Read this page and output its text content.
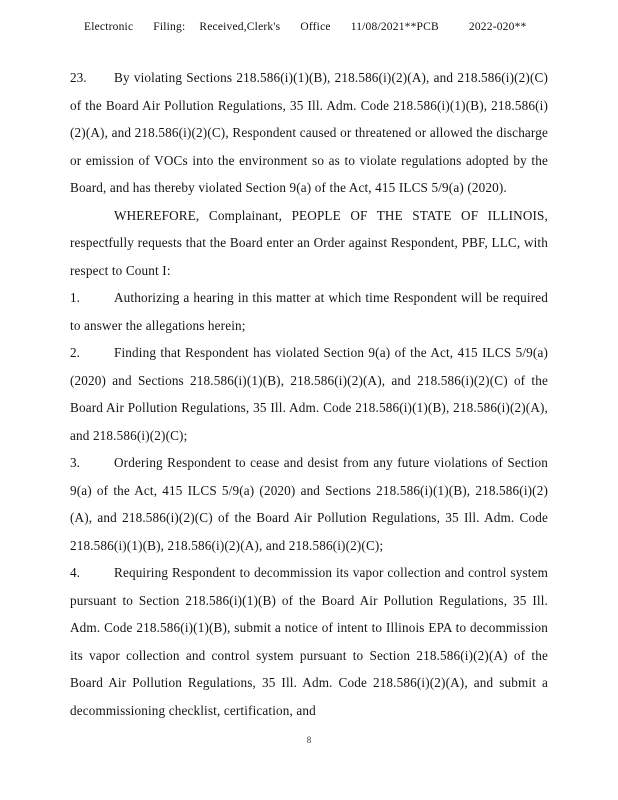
Electronic Filing: Received,Clerk's Office 11/08/2021**PCB	2022-020**

23. By violating Sections 218.586(i)(1)(B), 218.586(i)(2)(A), and 218.586(i)(2)(C) of the Board Air Pollution Regulations, 35 Ill. Adm. Code 218.586(i)(1)(B), 218.586(i)(2)(A), and 218.586(i)(2)(C), Respondent caused or threatened or allowed the discharge or emission of VOCs into the environment so as to violate regulations adopted by the Board, and has thereby violated Section 9(a) of the Act, 415 ILCS 5/9(a) (2020).

WHEREFORE, Complainant, PEOPLE OF THE STATE OF ILLINOIS, respectfully requests that the Board enter an Order against Respondent, PBF, LLC, with respect to Count I:

1.	Authorizing a hearing in this matter at which time Respondent will be required to answer the allegations herein;

2.	Finding that Respondent has violated Section 9(a) of the Act, 415 ILCS 5/9(a) (2020) and Sections 218.586(i)(1)(B), 218.586(i)(2)(A), and 218.586(i)(2)(C) of the Board Air Pollution Regulations, 35 Ill. Adm. Code 218.586(i)(1)(B), 218.586(i)(2)(A), and 218.586(i)(2)(C);

3.	Ordering Respondent to cease and desist from any future violations of Section 9(a) of the Act, 415 ILCS 5/9(a) (2020) and Sections 218.586(i)(1)(B), 218.586(i)(2)(A), and 218.586(i)(2)(C) of the Board Air Pollution Regulations, 35 Ill. Adm. Code 218.586(i)(1)(B), 218.586(i)(2)(A), and 218.586(i)(2)(C);

4.	Requiring Respondent to decommission its vapor collection and control system pursuant to Section 218.586(i)(1)(B) of the Board Air Pollution Regulations, 35 Ill. Adm. Code 218.586(i)(1)(B), submit a notice of intent to Illinois EPA to decommission its vapor collection and control system pursuant to Section 218.586(i)(2)(A) of the Board Air Pollution Regulations, 35 Ill. Adm. Code 218.586(i)(2)(A), and submit a decommissioning checklist, certification, and

8
